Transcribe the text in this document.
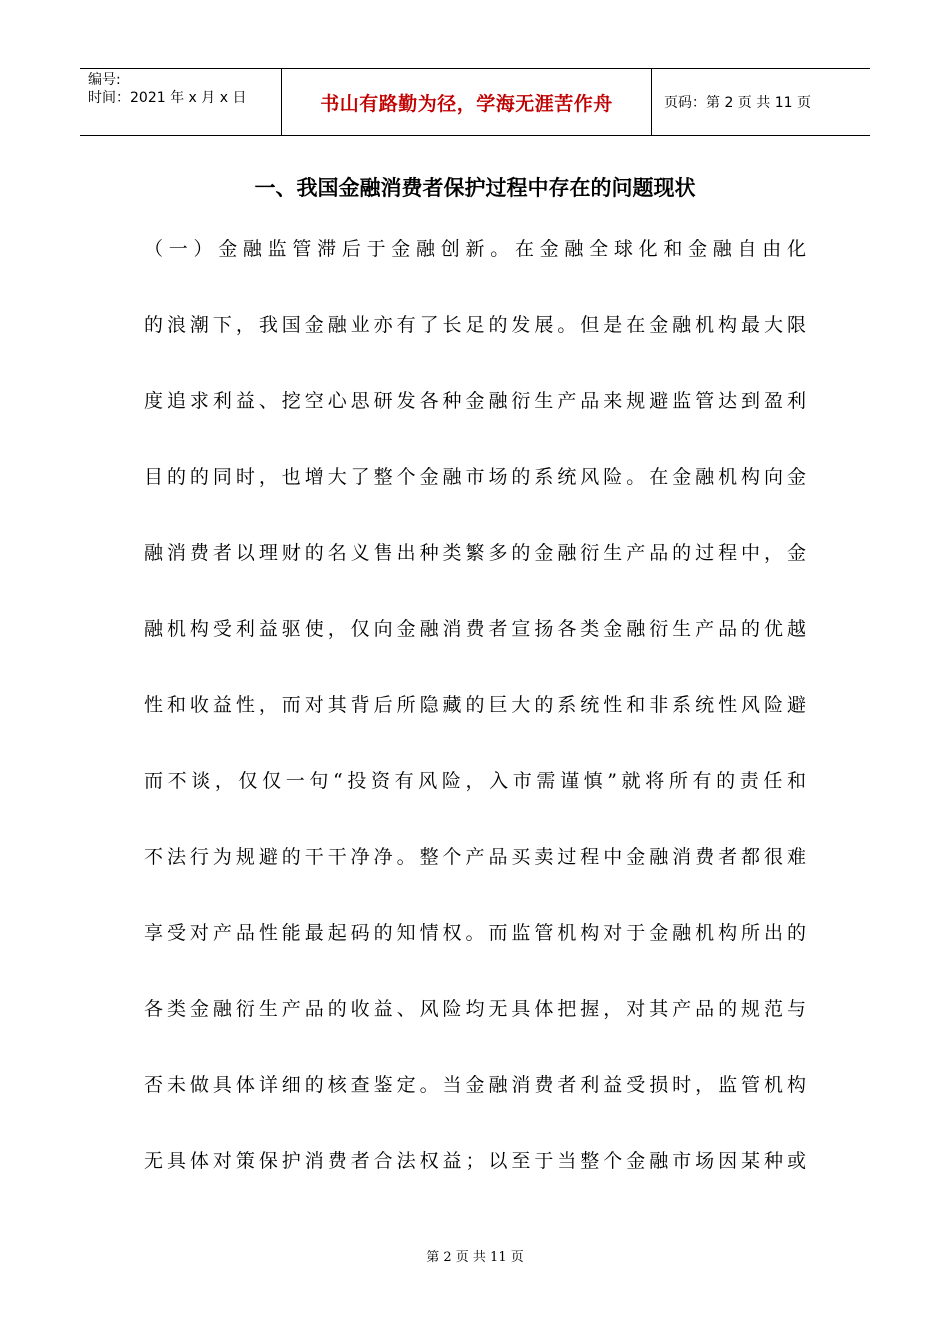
编号:
时间：2021 年 x 月 x 日	书山有路勤为径，学海无涯苦作舟	页码：第 2 页 共 11 页
一、我国金融消费者保护过程中存在的问题现状
（一）金融监管滞后于金融创新。在金融全球化和金融自由化
的浪潮下，我国金融业亦有了长足的发展。但是在金融机构最大限
度追求利益、挖空心思研发各种金融衍生产品来规避监管达到盈利
目的的同时，也增大了整个金融市场的系统风险。在金融机构向金
融消费者以理财的名义售出种类繁多的金融衍生产品的过程中，金
融机构受利益驱使，仅向金融消费者宣扬各类金融衍生产品的优越
性和收益性，而对其背后所隐藏的巨大的系统性和非系统性风险避
而不谈，仅仅一句“投资有风险，入市需谨慎”就将所有的责任和
不法行为规避的干干净净。整个产品买卖过程中金融消费者都很难
享受对产品性能最起码的知情权。而监管机构对于金融机构所出的
各类金融衍生产品的收益、风险均无具体把握，对其产品的规范与
否未做具体详细的核查鉴定。当金融消费者利益受损时，监管机构
无具体对策保护消费者合法权益；以至于当整个金融市场因某种或
第 2 页 共 11 页
